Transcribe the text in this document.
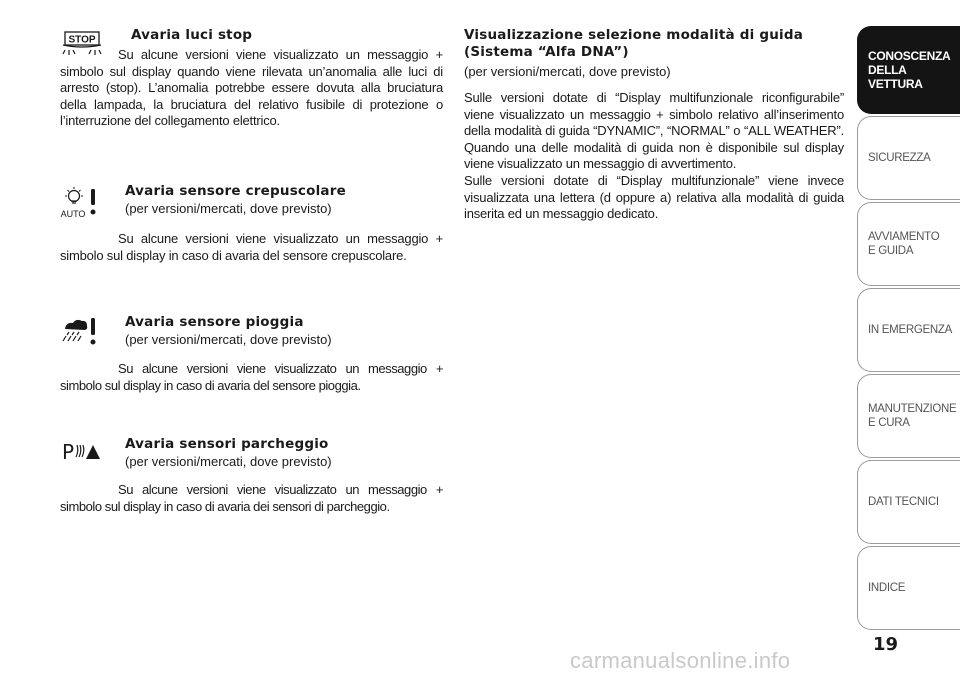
STOP	Avaria luci stop
Su alcune versioni viene visualizzato un messaggio + simbolo sul display quando viene rilevata un’anomalia alle luci di arresto (stop). L’anomalia potrebbe essere dovuta alla bruciatura della lampada, la bruciatura del relativo fusibile di protezione o l’interruzione del collegamento elettrico.
AUTO
Avaria sensore crepuscolare
(per versioni/mercati, dove previsto)
Su alcune versioni viene visualizzato un messaggio + simbolo sul display in caso di avaria del sensore crepuscolare.
Avaria sensore pioggia
(per versioni/mercati, dove previsto)
Su alcune versioni viene visualizzato un messaggio + simbolo sul display in caso di avaria del sensore pioggia.
P	Avaria sensori parcheggio
(per versioni/mercati, dove previsto)
Su alcune versioni viene visualizzato un messaggio + simbolo sul display in caso di avaria dei sensori di parcheggio.
Visualizzazione selezione modalità di guida
(Sistema “Alfa DNA”)
(per versioni/mercati, dove previsto)
Sulle versioni dotate di “Display multifunzionale riconfigurabile” viene visualizzato un messaggio + simbolo relativo all’inserimento della modalità di guida “DYNAMIC”, “NORMAL” o “ALL WEATHER”. Quando una delle modalità di guida non è disponibile sul display viene visualizzato un messaggio di avvertimento.
Sulle versioni dotate di “Display multifunzionale” viene invece visualizzata una lettera (d oppure a) relativa alla modalità di guida inserita ed un messaggio dedicato.
CONOSCENZA
DELLA
VETTURA
SICUREZZA
AVVIAMENTO
E GUIDA
IN EMERGENZA
MANUTENZIONE
E CURA
DATI TECNICI
INDICE
19
carmanualsonline.info
